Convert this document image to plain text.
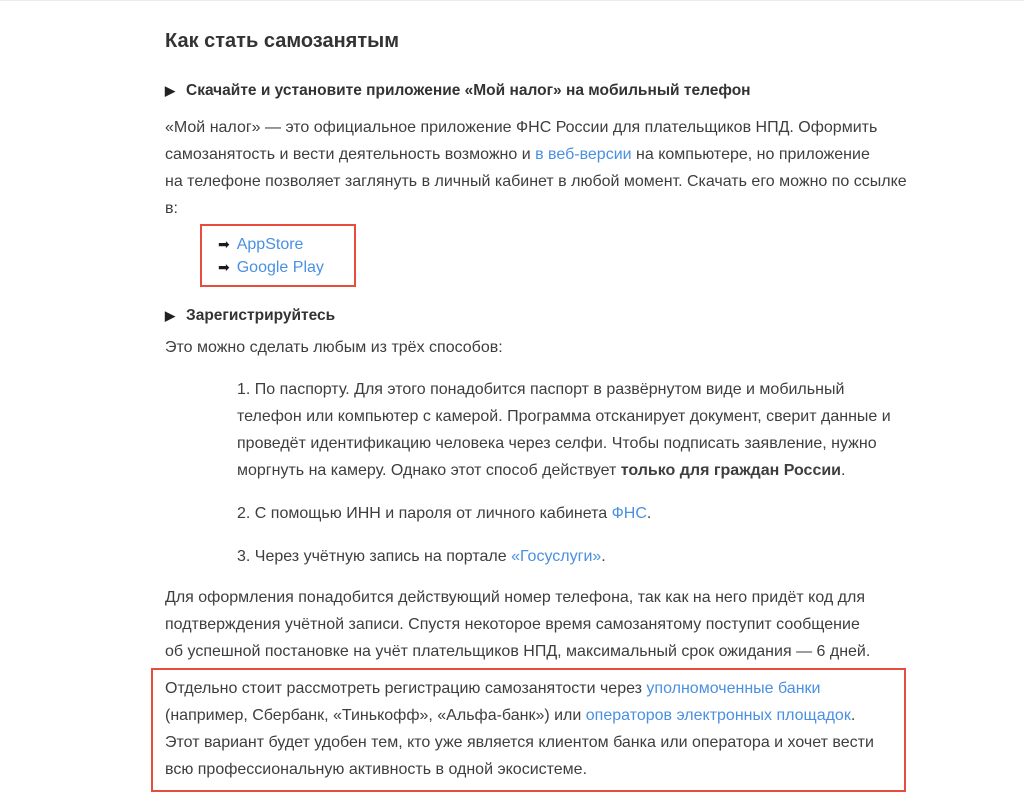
Как стать самозанятым
▶ Скачайте и установите приложение «Мой налог» на мобильный телефон

«Мой налог» — это официальное приложение ФНС России для плательщиков НПД. Оформить самозанятость и вести деятельность возможно и в веб-версии на компьютере, но приложение на телефоне позволяет заглянуть в личный кабинет в любой момент. Скачать его можно по ссылке в:

➡ AppStore
➡ Google Play
▶ Зарегистрируйтесь

Это можно сделать любым из трёх способов:

1. По паспорту. Для этого понадобится паспорт в развёрнутом виде и мобильный телефон или компьютер с камерой. Программа отсканирует документ, сверит данные и проведёт идентификацию человека через селфи. Чтобы подписать заявление, нужно моргнуть на камеру. Однако этот способ действует только для граждан России.

2. С помощью ИНН и пароля от личного кабинета ФНС.

3. Через учётную запись на портале «Госуслуги».

Для оформления понадобится действующий номер телефона, так как на него придёт код для подтверждения учётной записи. Спустя некоторое время самозанятому поступит сообщение об успешной постановке на учёт плательщиков НПД, максимальный срок ожидания — 6 дней.

Отдельно стоит рассмотреть регистрацию самозанятости через уполномоченные банки (например, Сбербанк, «Тинькофф», «Альфа-банк») или операторов электронных площадок. Этот вариант будет удобен тем, кто уже является клиентом банка или оператора и хочет вести всю профессиональную активность в одной экосистеме.
